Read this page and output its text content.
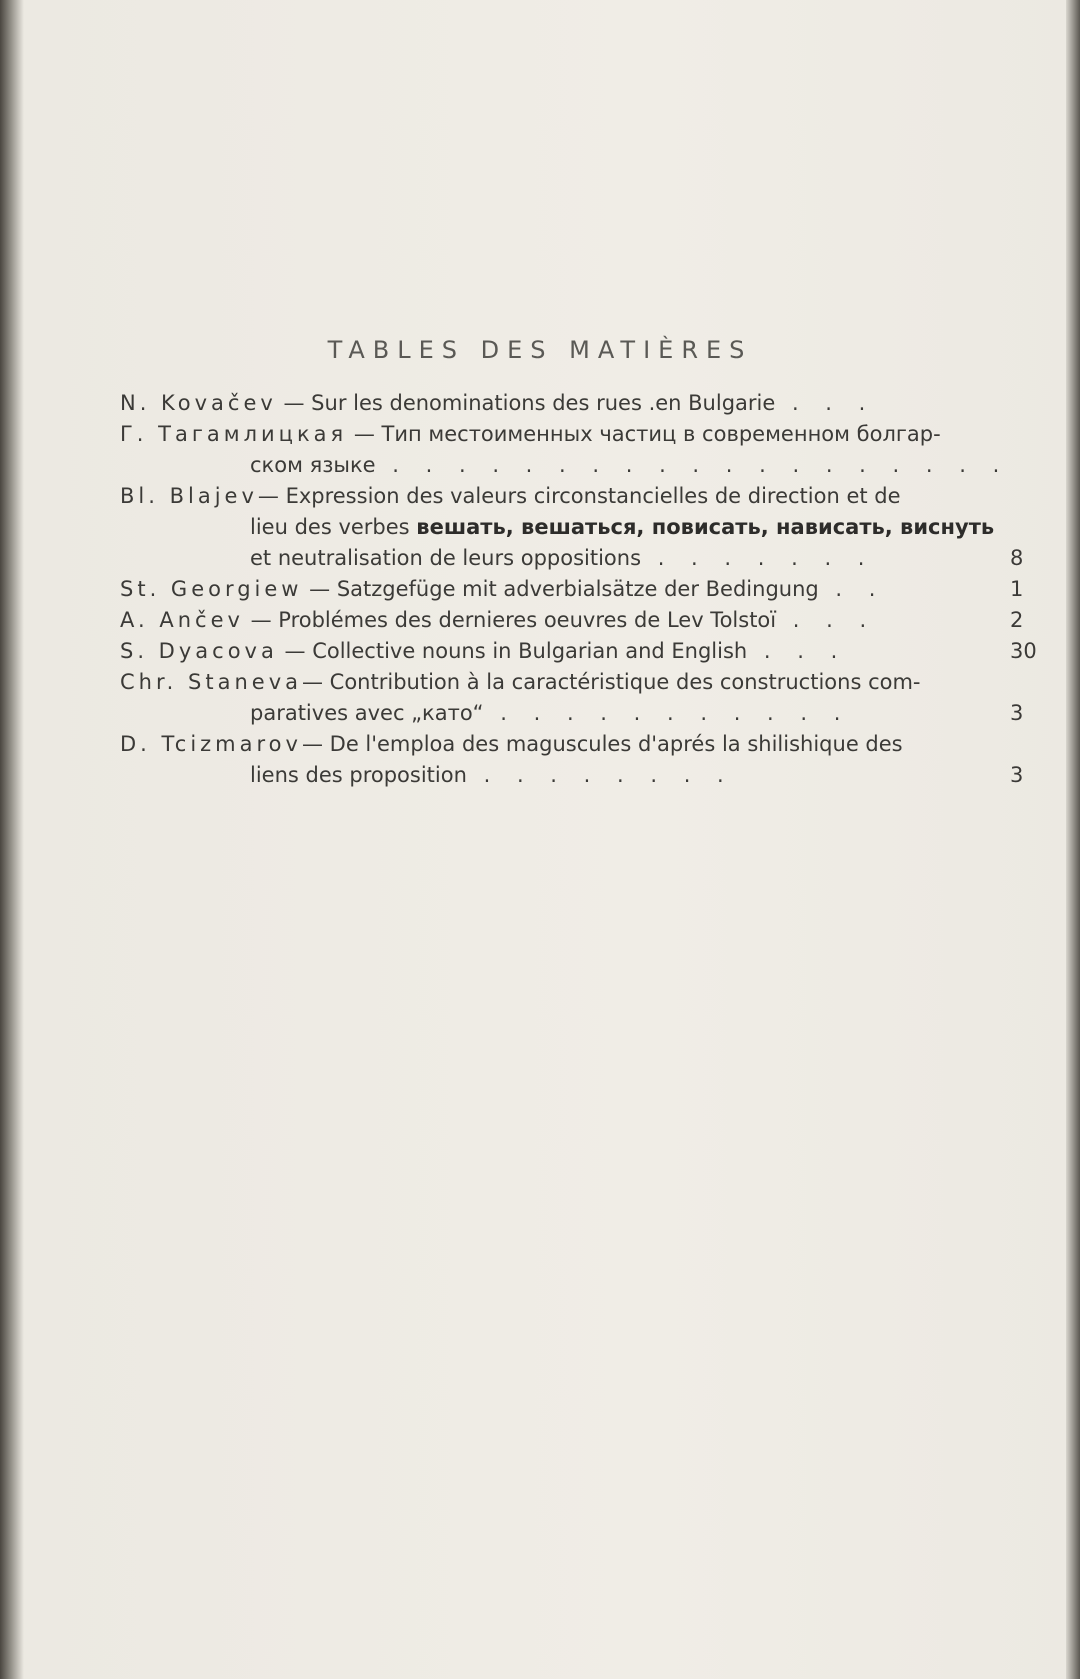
TABLES DES MATIÈRES
N. Kovačev — Sur les denominations des rues .en Bulgarie . . .
Г. Тагамлицкая — Тип местоименных частиц в современном болгар-
ском языке . . . . . . . . . . . . . . . . . . .
Bl. Blajev— Expression des valeurs circonstancielles de direction et de
lieu des verbes вешать, вешаться, повисать, нависать, виснуть
et neutralisation de leurs oppositions . . . . . . .	8
St. Georgiew — Satzgefüge mit adverbialsätze der Bedingung . .	1
A. Ančev — Problémes des dernieres oeuvres de Lev Tolstoï . . .	2
S. Dyacova — Collective nouns in Bulgarian and English . . .	30
Chr. Staneva— Contribution à la caractéristique des constructions com-
paratives avec „като“ . . . . . . . . . . .	3
D. Tcizmarov— De l'emploa des maguscules d'aprés la shilishique des
liens des proposition . . . . . . . .	3
